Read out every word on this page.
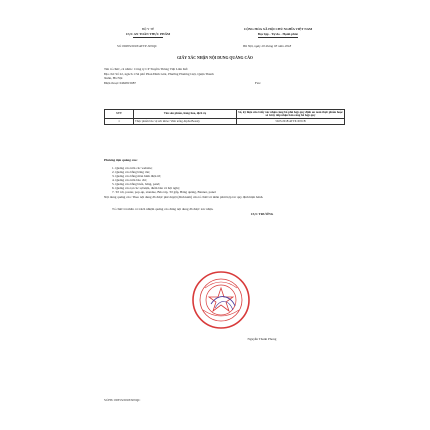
BỘ Y TẾ
CỤC AN TOÀN THỰC PHẨM
CỘNG HÒA XÃ HỘI CHỦ NGHĨA VIỆT NAM
Độc lập - Tự do - Hạnh phúc
Số: 00283/2018/ATTP-XNQC	Hà Nội, ngày 20 tháng 03 năm 2018
GIẤY XÁC NHẬN NỘI DUNG QUẢNG CÁO
Tên tổ chức, cá nhân : Công ty CP Truyền Thông Việt Liên Kết
Địa chỉ: Số 22, ngách 1/34 phố Phan Đình Giót, Phường Phương Liệt, Quận Thanh
Xuân, Hà Nội
Điện thoại: 0462815687	Fax:
STT	Tên sản phẩm, hàng hóa, dịch vụ	Số, ký hiệu của Giấy xác nhận công bố phù hợp quy định an toàn thực phẩm hoặc số Giấy tiếp nhận bản công bố hợp quy
1	Thực phẩm bảo vệ sức khỏe: Viên uống Alpha Beauty	5025/2018/ATTP-XNCB
Phương tiện quảng cáo:
1. Quảng cáo trên các website;
2. Quảng cáo bằng băng rôn;
3. Quảng cáo bằng màn hình điện tử;
4. Quảng cáo trên báo chí;
5. Quảng cáo bằng biển, bảng, panô;
6. Quảng cáo tại các sự kiện, điểm bán và hội nghị;
7. Tờ rơi, poster, pop-up, standee, Bảo táp, Tờ gấp, Bảng quảng, Banner, panel
Nội dung quảng cáo: Theo nội dung đã được phê duyệt (đính kèm) của tổ chức/cá nhân phải hợp tác quy định hiện hành.
Tổ chức/cá nhân có trách nhiệm quảng cáo đúng nội dung đã được xác nhận.
CỤC TRƯỞNG
Nguyễn Thanh Phong
Số HS: 00353/2018/XNQC
